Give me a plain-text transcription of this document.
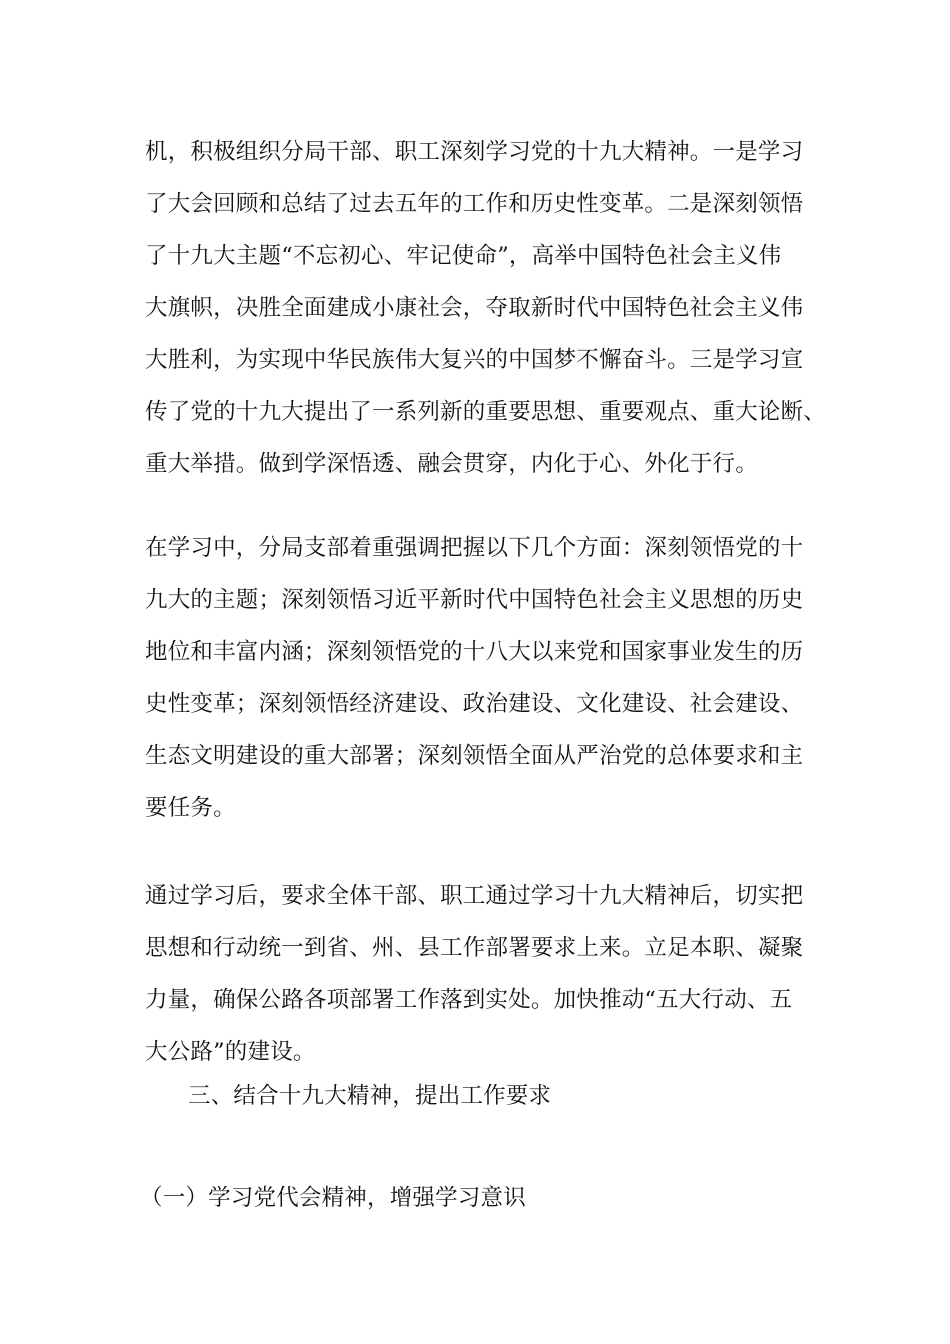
机，积极组织分局干部、职工深刻学习党的十九大精神。一是学习
了大会回顾和总结了过去五年的工作和历史性变革。二是深刻领悟
了十九大主题“不忘初心、牢记使命”，高举中国特色社会主义伟
大旗帜，决胜全面建成小康社会，夺取新时代中国特色社会主义伟
大胜利，为实现中华民族伟大复兴的中国梦不懈奋斗。三是学习宣
传了党的十九大提出了一系列新的重要思想、重要观点、重大论断、
重大举措。做到学深悟透、融会贯穿，内化于心、外化于行。
在学习中，分局支部着重强调把握以下几个方面：深刻领悟党的十
九大的主题；深刻领悟习近平新时代中国特色社会主义思想的历史
地位和丰富内涵；深刻领悟党的十八大以来党和国家事业发生的历
史性变革；深刻领悟经济建设、政治建设、文化建设、社会建设、
生态文明建设的重大部署；深刻领悟全面从严治党的总体要求和主
要任务。
通过学习后，要求全体干部、职工通过学习十九大精神后，切实把
思想和行动统一到省、州、县工作部署要求上来。立足本职、凝聚
力量，确保公路各项部署工作落到实处。加快推动“五大行动、五
大公路”的建设。
三、结合十九大精神，提出工作要求
（一）学习党代会精神，增强学习意识
